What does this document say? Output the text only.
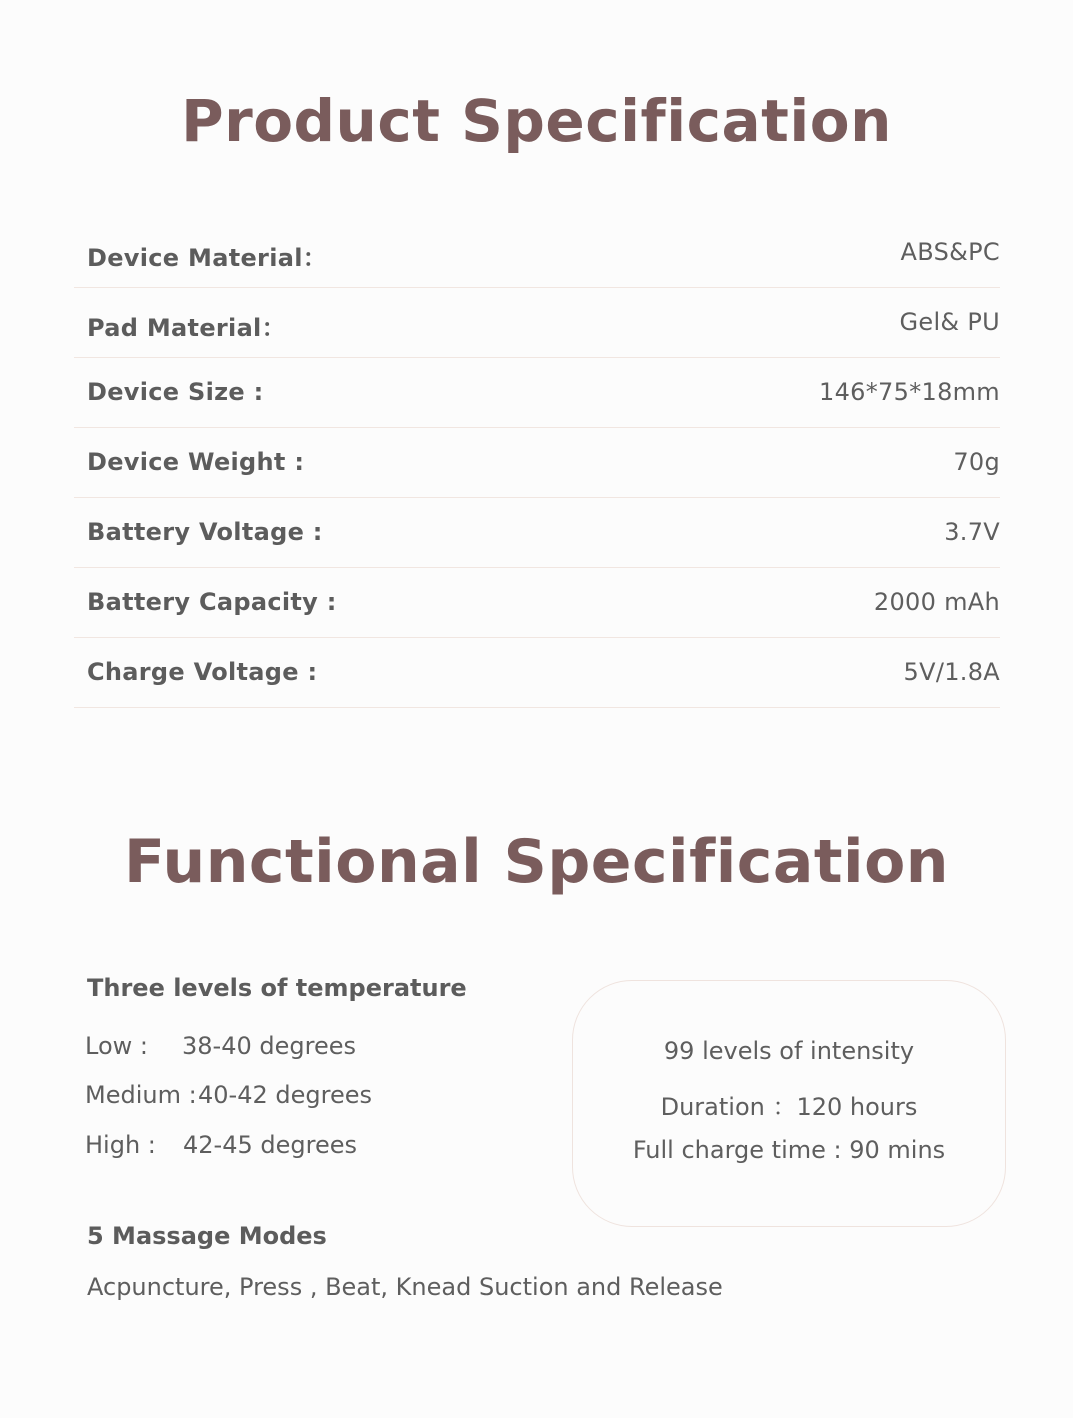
Product Specification
Device Material：	ABS&PC
Pad Material：	Gel& PU
Device Size :	146*75*18mm
Device Weight :	70g
Battery Voltage :	3.7V
Battery Capacity :	2000 mAh
Charge Voltage :	5V/1.8A
Functional Specification
Three levels of temperature
Low : 38-40 degrees
Medium : 40-42 degrees
High : 42-45 degrees
99 levels of intensity
Duration ：120 hours
Full charge time : 90 mins
5 Massage Modes
Acpuncture, Press , Beat, Knead Suction and Release
